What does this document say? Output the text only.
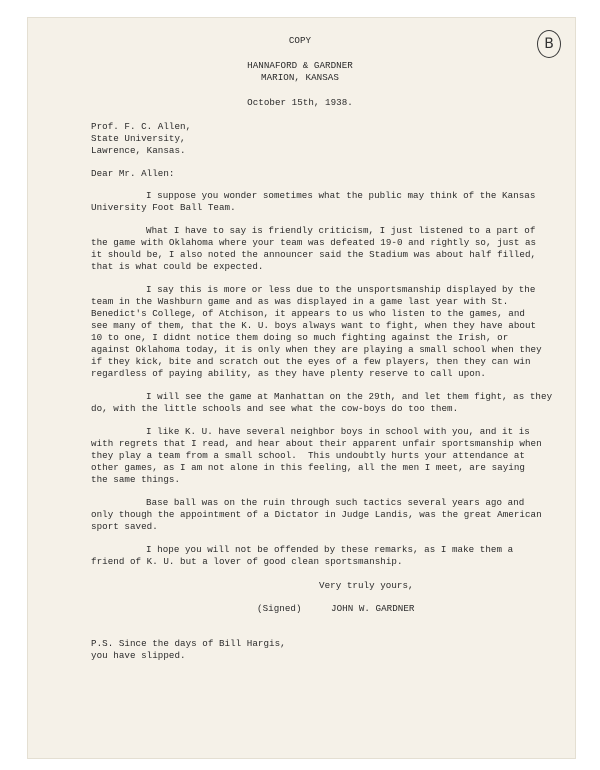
B
COPY
HANNAFORD & GARDNER
MARION, KANSAS
October 15th, 1938.
Prof. F. C. Allen,
State University,
Lawrence, Kansas.
Dear Mr. Allen:
I suppose you wonder sometimes what the public may think of the Kansas
University Foot Ball Team.
What I have to say is friendly criticism, I just listened to a part of
the game with Oklahoma where your team was defeated 19-0 and rightly so, just as
it should be, I also noted the announcer said the Stadium was about half filled,
that is what could be expected.
I say this is more or less due to the unsportsmanship displayed by the
team in the Washburn game and as was displayed in a game last year with St.
Benedict's College, of Atchison, it appears to us who listen to the games, and
see many of them, that the K. U. boys always want to fight, when they have about
10 to one, I didnt notice them doing so much fighting against the Irish, or
against Oklahoma today, it is only when they are playing a small school when they
if they kick, bite and scratch out the eyes of a few players, then they can win
regardless of paying ability, as they have plenty reserve to call upon.
I will see the game at Manhattan on the 29th, and let them fight, as they
do, with the little schools and see what the cow-boys do too them.
I like K. U. have several neighbor boys in school with you, and it is
with regrets that I read, and hear about their apparent unfair sportsmanship when
they play a team from a small school.  This undoubtly hurts your attendance at
other games, as I am not alone in this feeling, all the men I meet, are saying
the same things.
Base ball was on the ruin through such tactics several years ago and
only though the appointment of a Dictator in Judge Landis, was the great American
sport saved.
I hope you will not be offended by these remarks, as I make them a
friend of K. U. but a lover of good clean sportsmanship.
Very truly yours,
(Signed)	JOHN W. GARDNER
P.S. Since the days of Bill Hargis,
you have slipped.
